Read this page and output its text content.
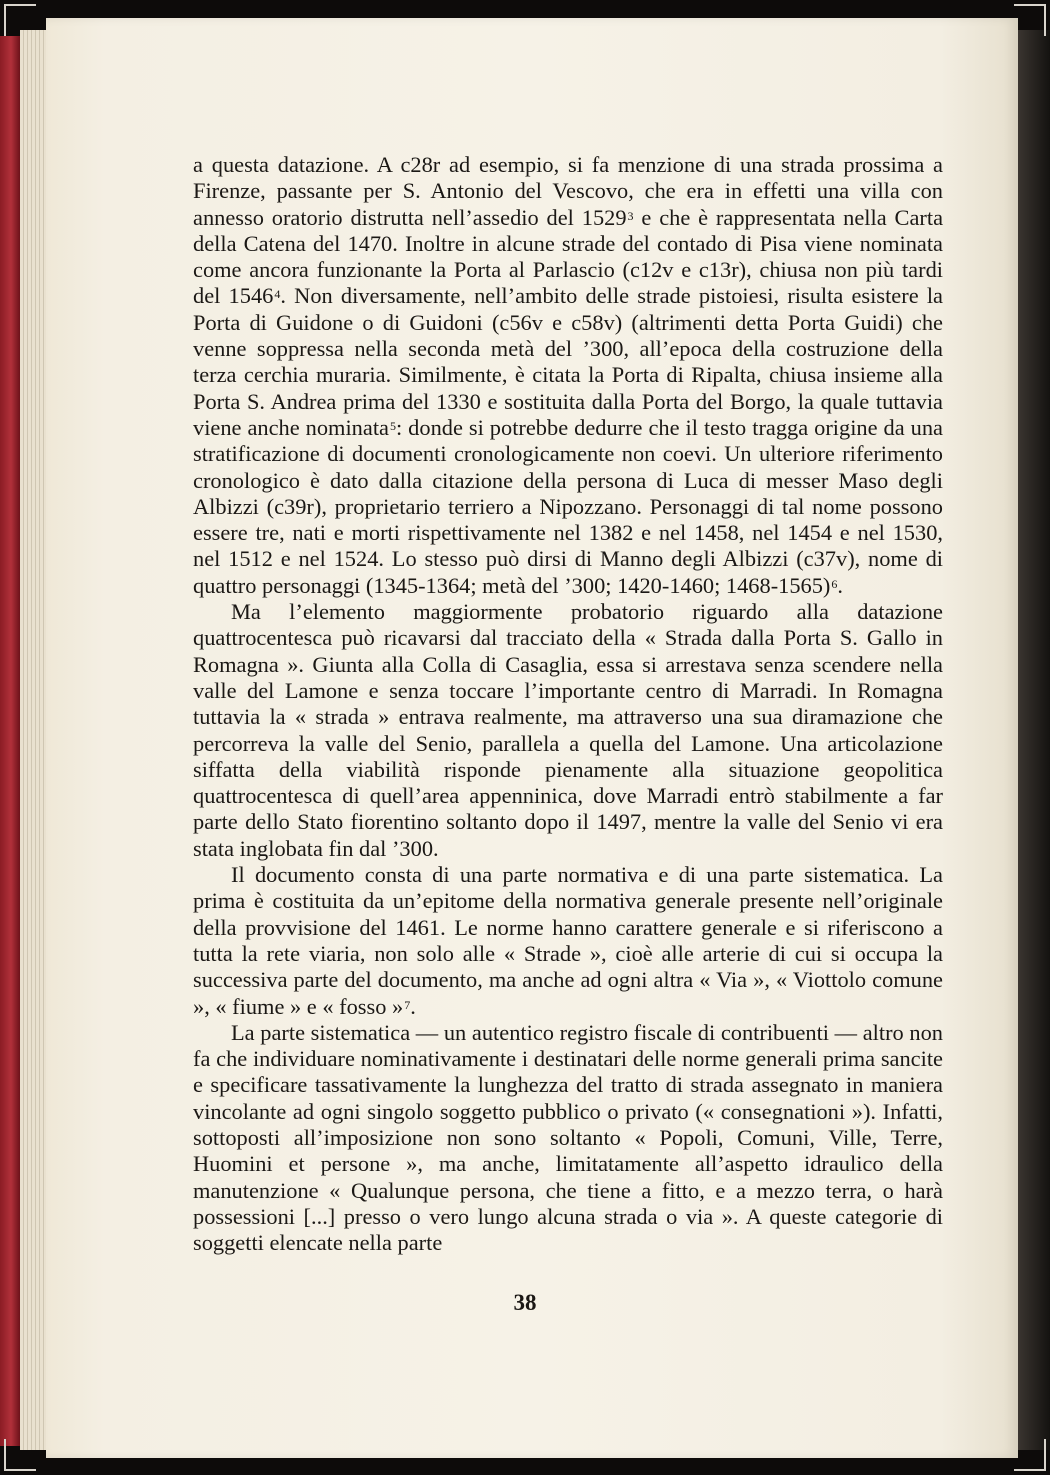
a questa datazione. A c28r ad esempio, si fa menzione di una strada prossima a Firenze, passante per S. Antonio del Vescovo, che era in effetti una villa con annesso oratorio distrutta nell’assedio del 1529$^3$ e che è rappresentata nella Carta della Catena del 1470. Inoltre in alcune strade del contado di Pisa viene nominata come ancora funzionante la Porta al Parlascio (c12v e c13r), chiusa non più tardi del 1546$^4$. Non diversamente, nell’ambito delle strade pistoiesi, risulta esistere la Porta di Guidone o di Guidoni (c56v e c58v) (altrimenti detta Porta Guidi) che venne soppressa nella seconda metà del ’300, all’epoca della costruzione della terza cerchia muraria. Similmente, è citata la Porta di Ripalta, chiusa insieme alla Porta S. Andrea prima del 1330 e sostituita dalla Porta del Borgo, la quale tuttavia viene anche nominata$^5$: donde si potrebbe dedurre che il testo tragga origine da una stratificazione di documenti cronologicamente non coevi. Un ulteriore riferimento cronologico è dato dalla citazione della persona di Luca di messer Maso degli Albizzi (c39r), proprietario terriero a Nipozzano. Personaggi di tal nome possono essere tre, nati e morti rispettivamente nel 1382 e nel 1458, nel 1454 e nel 1530, nel 1512 e nel 1524. Lo stesso può dirsi di Manno degli Albizzi (c37v), nome di quattro personaggi (1345-1364; metà del ’300; 1420-1460; 1468-1565)$^6$.

Ma l’elemento maggiormente probatorio riguardo alla datazione quattrocentesca può ricavarsi dal tracciato della « Strada dalla Porta S. Gallo in Romagna ». Giunta alla Colla di Casaglia, essa si arrestava senza scendere nella valle del Lamone e senza toccare l’importante centro di Marradi. In Romagna tuttavia la « strada » entrava realmente, ma attraverso una sua diramazione che percorreva la valle del Senio, parallela a quella del Lamone. Una articolazione siffatta della viabilità risponde pienamente alla situazione geopolitica quattrocentesca di quell’area appenninica, dove Marradi entrò stabilmente a far parte dello Stato fiorentino soltanto dopo il 1497, mentre la valle del Senio vi era stata inglobata fin dal ’300.

Il documento consta di una parte normativa e di una parte sistematica. La prima è costituita da un’epitome della normativa generale presente nell’originale della provvisione del 1461. Le norme hanno carattere generale e si riferiscono a tutta la rete viaria, non solo alle « Strade », cioè alle arterie di cui si occupa la successiva parte del documento, ma anche ad ogni altra « Via », « Viottolo comune », « fiume » e « fosso »$^7$.

La parte sistematica — un autentico registro fiscale di contribuenti — altro non fa che individuare nominativamente i destinatari delle norme generali prima sancite e specificare tassativamente la lunghezza del tratto di strada assegnato in maniera vincolante ad ogni singolo soggetto pubblico o privato (« consegnationi »). Infatti, sottoposti all’imposizione non sono soltanto « Popoli, Comuni, Ville, Terre, Huomini et persone », ma anche, limitatamente all’aspetto idraulico della manutenzione « Qualunque persona, che tiene a fitto, e a mezzo terra, o harà possessioni [...] presso o vero lungo alcuna strada o via ». A queste categorie di soggetti elencate nella parte

38
